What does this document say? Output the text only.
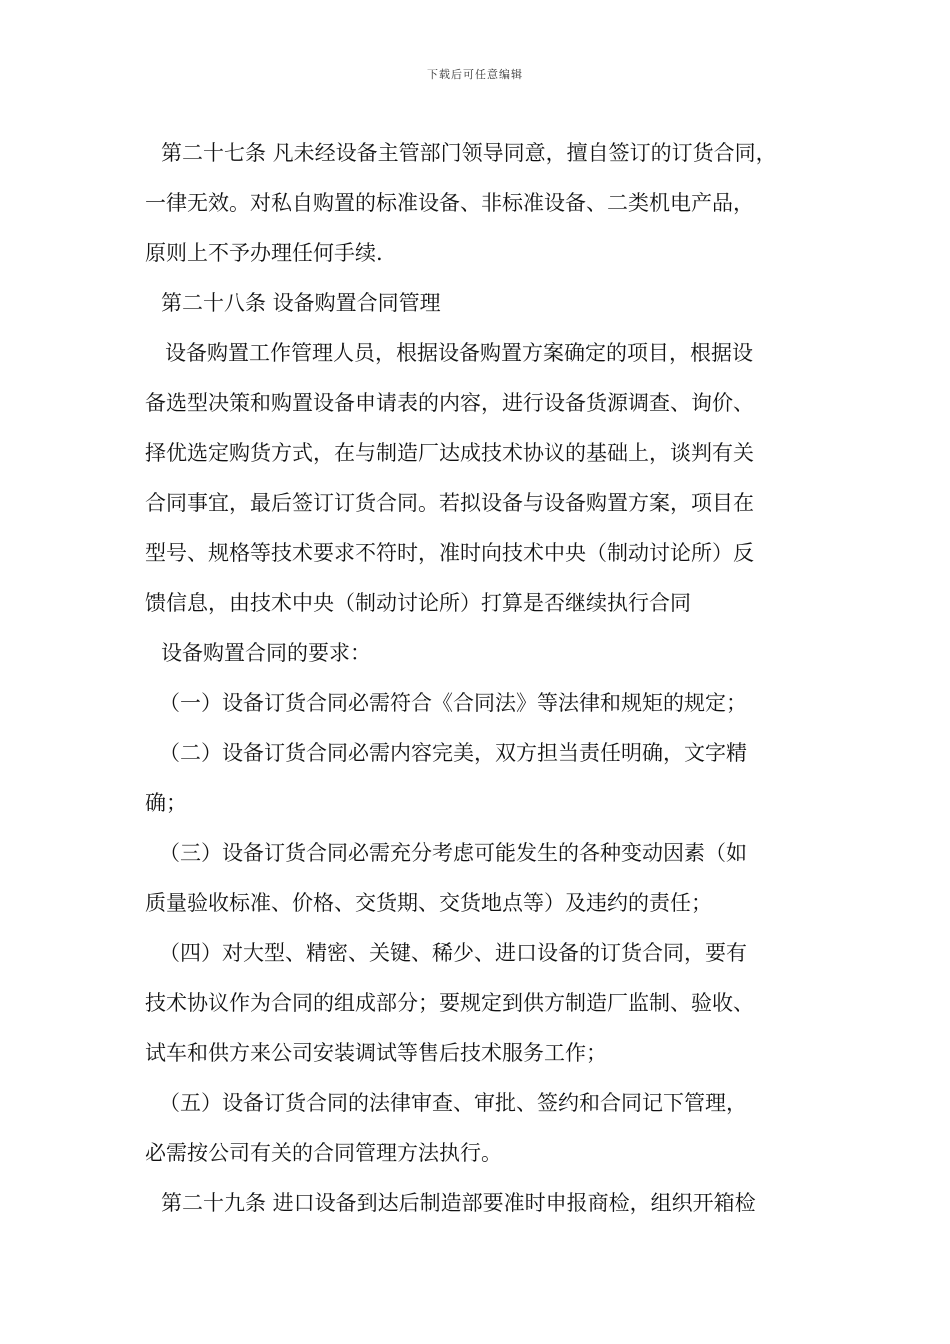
下载后可任意编辑
第二十七条 凡未经设备主管部门领导同意，擅自签订的订货合同，
一律无效。对私自购置的标准设备、非标准设备、二类机电产品，
原则上不予办理任何手续.
第二十八条 设备购置合同管理
设备购置工作管理人员，根据设备购置方案确定的项目，根据设
备选型决策和购置设备申请表的内容，进行设备货源调查、询价、
择优选定购货方式，在与制造厂达成技术协议的基础上，谈判有关
合同事宜，最后签订订货合同。若拟设备与设备购置方案，项目在
型号、规格等技术要求不符时，准时向技术中央（制动讨论所）反
馈信息，由技术中央（制动讨论所）打算是否继续执行合同
设备购置合同的要求：
（一）设备订货合同必需符合《合同法》等法律和规矩的规定；
（二）设备订货合同必需内容完美，双方担当责任明确，文字精
确；
（三）设备订货合同必需充分考虑可能发生的各种变动因素（如
质量验收标准、价格、交货期、交货地点等）及违约的责任；
（四）对大型、精密、关键、稀少、进口设备的订货合同，要有
技术协议作为合同的组成部分；要规定到供方制造厂监制、验收、
试车和供方来公司安装调试等售后技术服务工作；
（五）设备订货合同的法律审查、审批、签约和合同记下管理，
必需按公司有关的合同管理方法执行。
第二十九条 进口设备到达后制造部要准时申报商检，组织开箱检
